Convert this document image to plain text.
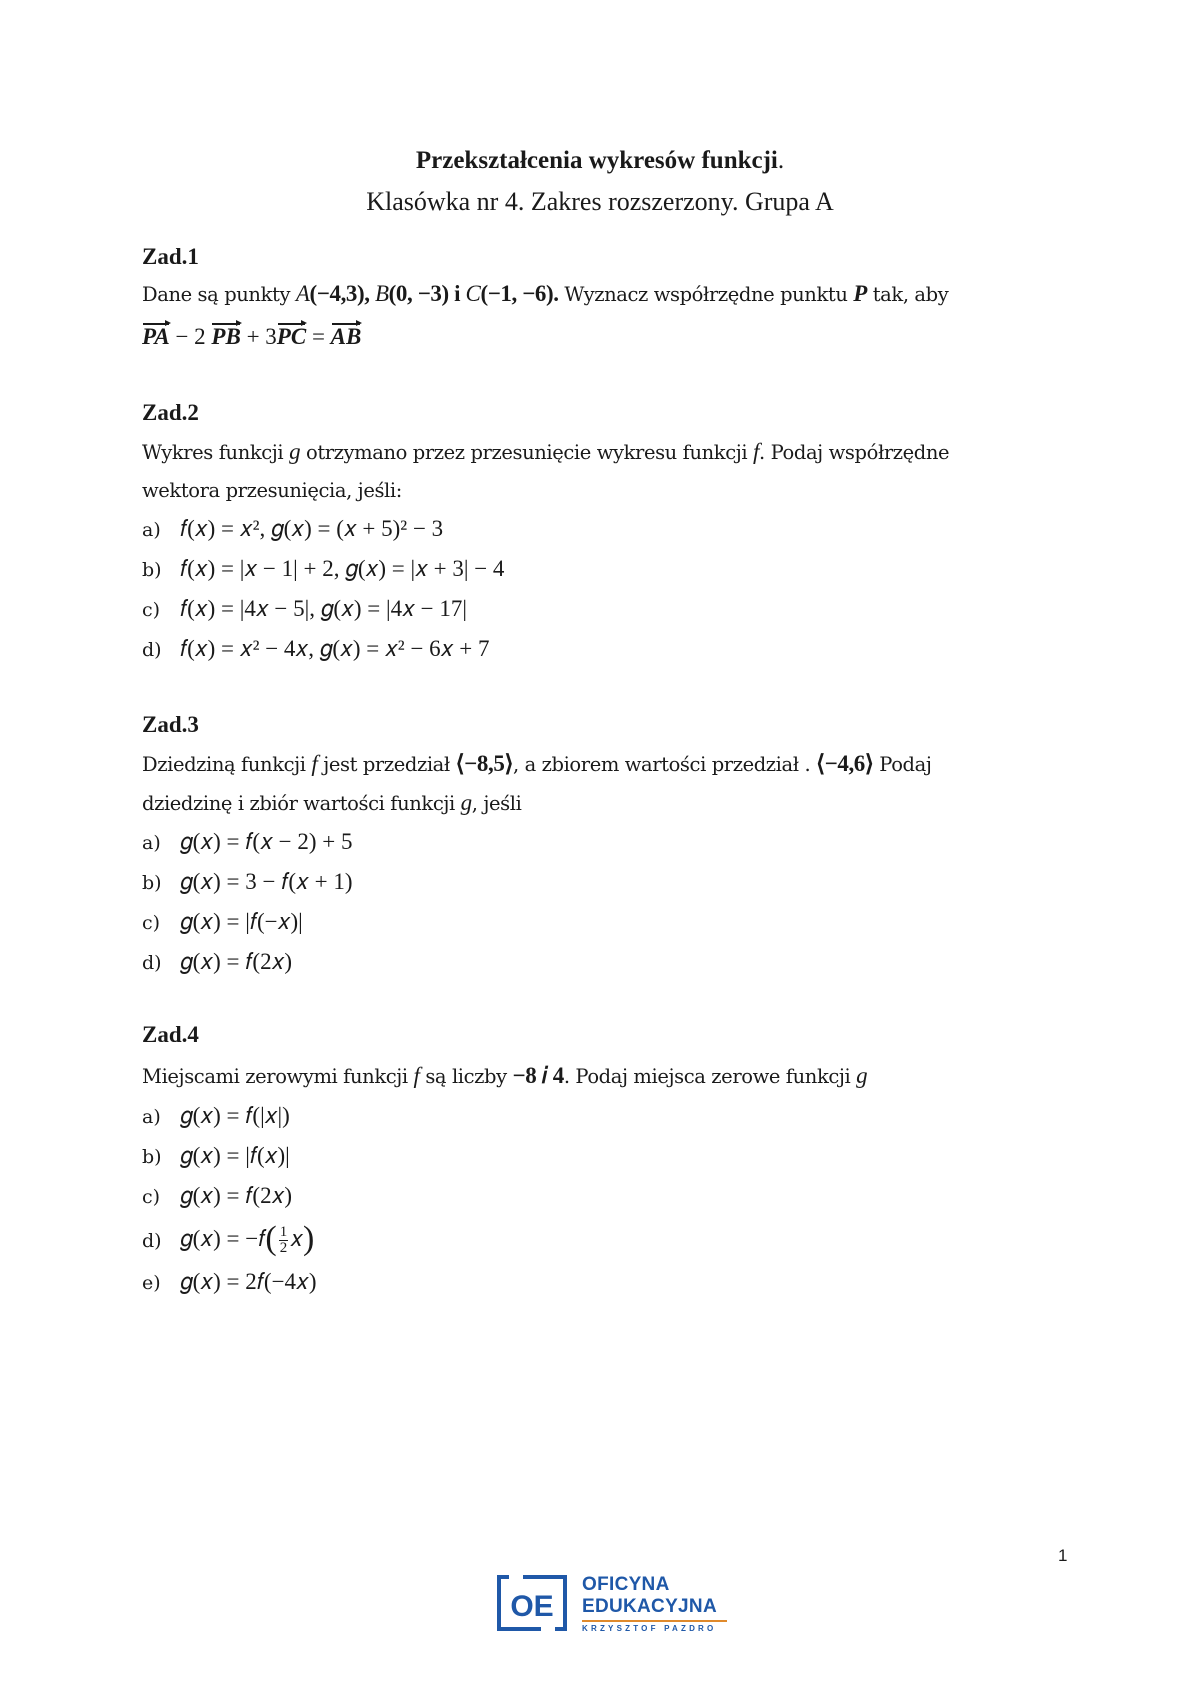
Przekształcenia wykresów funkcji.
Klasówka nr 4. Zakres rozszerzony. Grupa A
Zad.1
Dane są punkty A(−4,3), B(0, −3) i C(−1, −6). Wyznacz współrzędne punktu P tak, aby
PA − 2 PB + 3PC = AB
Zad.2
Wykres funkcji g otrzymano przez przesunięcie wykresu funkcji f. Podaj współrzędne
wektora przesunięcia, jeśli:
a) 𝑓(𝑥) = 𝑥², 𝑔(𝑥) = (𝑥 + 5)² − 3
b) 𝑓(𝑥) = |𝑥 − 1| + 2, 𝑔(𝑥) = |𝑥 + 3| − 4
c) 𝑓(𝑥) = |4𝑥 − 5|, 𝑔(𝑥) = |4𝑥 − 17|
d) 𝑓(𝑥) = 𝑥² − 4𝑥, 𝑔(𝑥) = 𝑥² − 6𝑥 + 7
Zad.3
Dziedziną funkcji f jest przedział ⟨−8,5⟩, a zbiorem wartości przedział . ⟨−4,6⟩ Podaj
dziedzinę i zbiór wartości funkcji g, jeśli
a) 𝑔(𝑥) = 𝑓(𝑥 − 2) + 5
b) 𝑔(𝑥) = 3 − 𝑓(𝑥 + 1)
c) 𝑔(𝑥) = |𝑓(−𝑥)|
d) 𝑔(𝑥) = 𝑓(2𝑥)
Zad.4
Miejscami zerowymi funkcji f są liczby −8 𝑖 4. Podaj miejsca zerowe funkcji g
a) 𝑔(𝑥) = 𝑓(|𝑥|)
b) 𝑔(𝑥) = |𝑓(𝑥)|
c) 𝑔(𝑥) = 𝑓(2𝑥)
d) 𝑔(𝑥) = −𝑓( $\frac{1}{2}$ 𝑥)
e) 𝑔(𝑥) = 2𝑓(−4𝑥)
1
OE
OFICYNA
EDUKACYJNA
KRZYSZTOF PAZDRO
